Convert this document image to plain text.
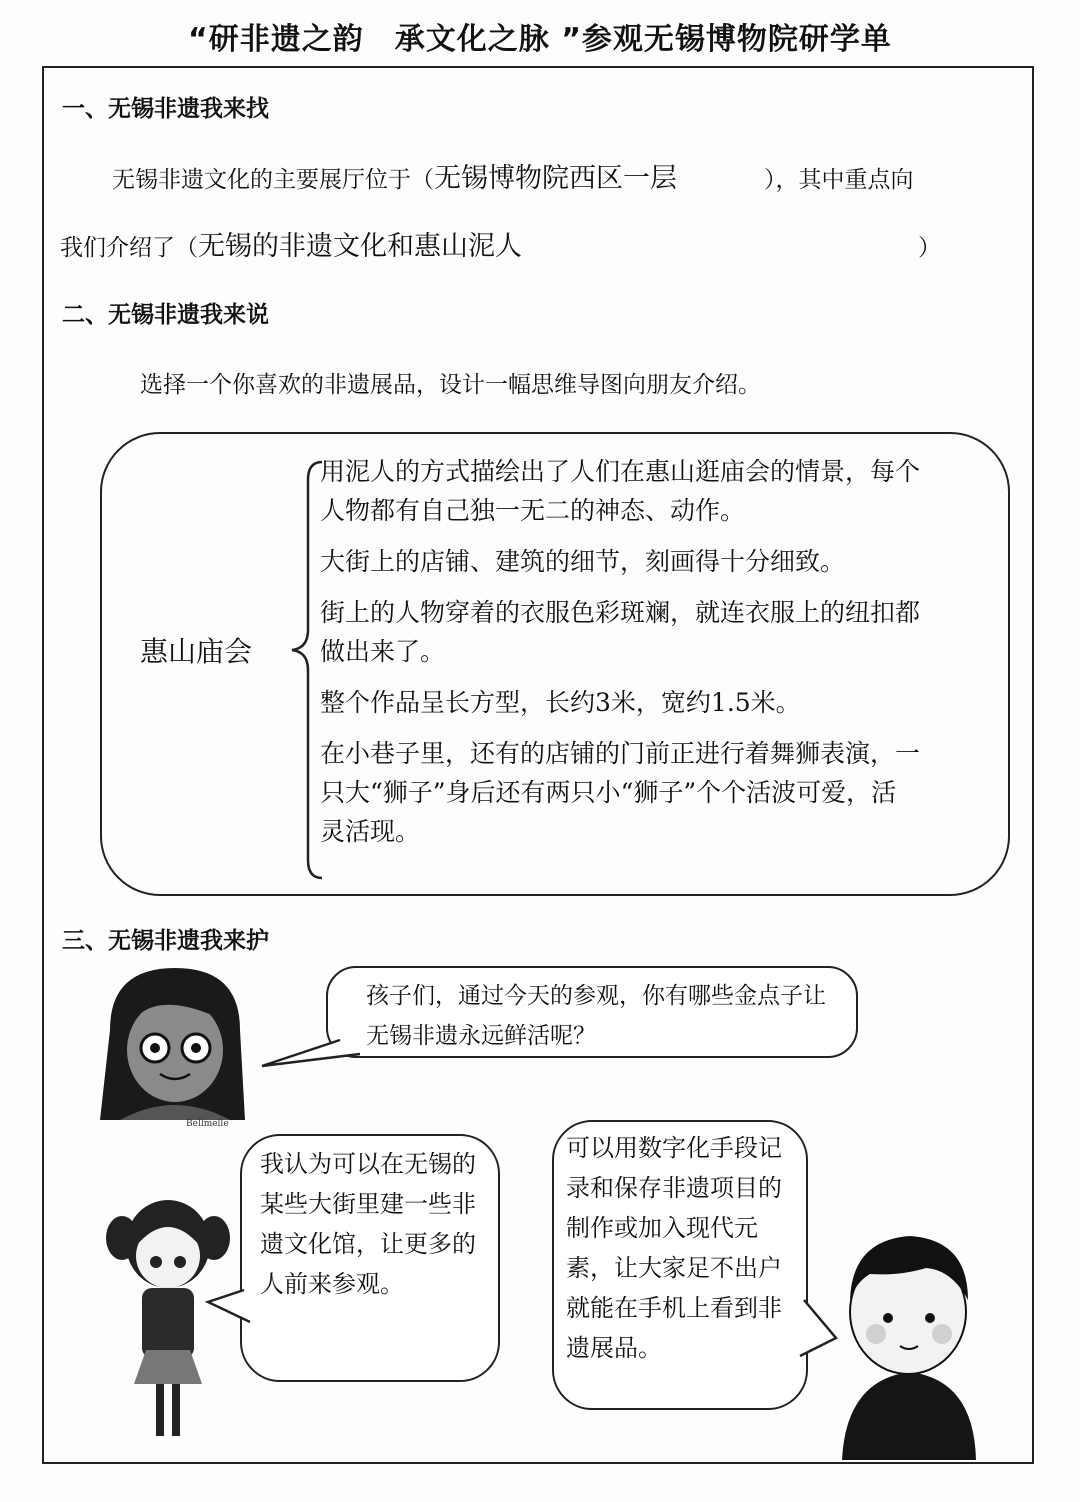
“研非遗之韵　承文化之脉 ”参观无锡博物院研学单
一、无锡非遗我来找
无锡非遗文化的主要展厅位于（无锡博物院西区一层	），其中重点向
我们介绍了（无锡的非遗文化和惠山泥人	）
二、无锡非遗我来说
选择一个你喜欢的非遗展品，设计一幅思维导图向朋友介绍。
惠山庙会
用泥人的方式描绘出了人们在惠山逛庙会的情景，每个人物都有自己独一无二的神态、动作。
大街上的店铺、建筑的细节，刻画得十分细致。
街上的人物穿着的衣服色彩斑斓，就连衣服上的纽扣都做出来了。
整个作品呈长方型，长约3米，宽约1.5米。
在小巷子里，还有的店铺的门前正进行着舞狮表演，一只大“狮子”身后还有两只小“狮子”个个活波可爱，活灵活现。
三、无锡非遗我来护
孩子们，通过今天的参观，你有哪些金点子让无锡非遗永远鲜活呢？
我认为可以在无锡的某些大街里建一些非遗文化馆，让更多的人前来参观。
可以用数字化手段记录和保存非遗项目的制作或加入现代元素，让大家足不出户就能在手机上看到非遗展品。
Bellmelle
